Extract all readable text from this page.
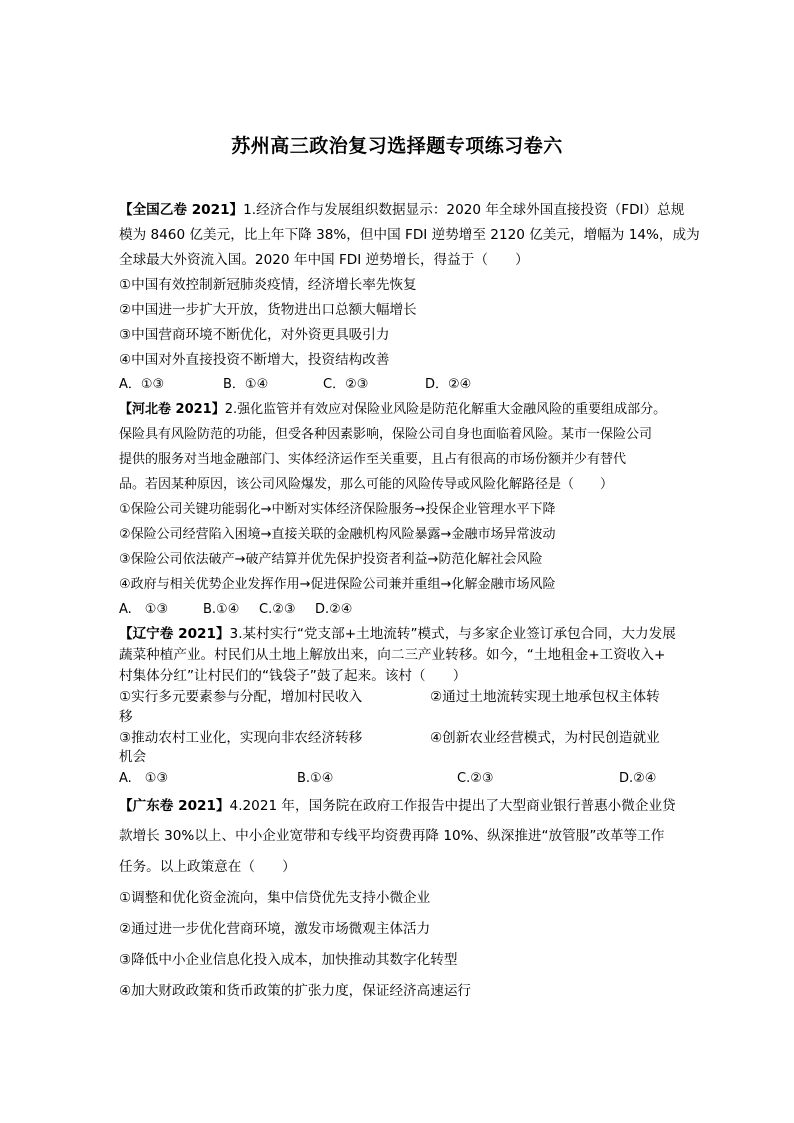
苏州高三政治复习选择题专项练习卷六
【全国乙卷 2021】1.经济合作与发展组织数据显示：2020 年全球外国直接投资（FDI）总规
模为 8460 亿美元，比上年下降 38%，但中国 FDI 逆势增至 2120 亿美元，增幅为 14%，成为
全球最大外资流入国。2020 年中国 FDI 逆势增长，得益于（　　）
①中国有效控制新冠肺炎疫情，经济增长率先恢复
②中国进一步扩大开放，货物进出口总额大幅增长
③中国营商环境不断优化，对外资更具吸引力
④中国对外直接投资不断增大，投资结构改善
A．①③	B．①④	C．②③	D．②④
【河北卷 2021】2.强化监管并有效应对保险业风险是防范化解重大金融风险的重要组成部分。
保险具有风险防范的功能，但受各种因素影响，保险公司自身也面临着风险。某市一保险公司
提供的服务对当地金融部门、实体经济运作至关重要，且占有很高的市场份额并少有替代
品。若因某种原因，该公司风险爆发，那么可能的风险传导或风险化解路径是（　　）
①保险公司关键功能弱化→中断对实体经济保险服务→投保企业管理水平下降
②保险公司经营陷入困境→直接关联的金融机构风险暴露→金融市场异常波动
③保险公司依法破产→破产结算并优先保护投资者利益→防范化解社会风险
④政府与相关优势企业发挥作用→促进保险公司兼并重组→化解金融市场风险
A.　①③	B.①④ C.②③ D.②④
【辽宁卷 2021】3.某村实行“党支部+土地流转”模式，与多家企业签订承包合同，大力发展
蔬菜种植产业。村民们从土地上解放出来，向二三产业转移。如今，“土地租金+工资收入+
村集体分红”让村民们的“钱袋子”鼓了起来。该村（　　）
①实行多元要素参与分配，增加村民收入	②通过土地流转实现土地承包权主体转
移
③推动农村工业化，实现向非农经济转移	④创新农业经营模式，为村民创造就业
机会
A.　①③	B.①④	C.②③	D.②④
【广东卷 2021】4.2021 年，国务院在政府工作报告中提出了大型商业银行普惠小微企业贷
款增长 30%以上、中小企业宽带和专线平均资费再降 10%、纵深推进“放管服”改革等工作
任务。以上政策意在（　　）
①调整和优化资金流向，集中信贷优先支持小微企业
②通过进一步优化营商环境，激发市场微观主体活力
③降低中小企业信息化投入成本，加快推动其数字化转型
④加大财政政策和货币政策的扩张力度，保证经济高速运行
